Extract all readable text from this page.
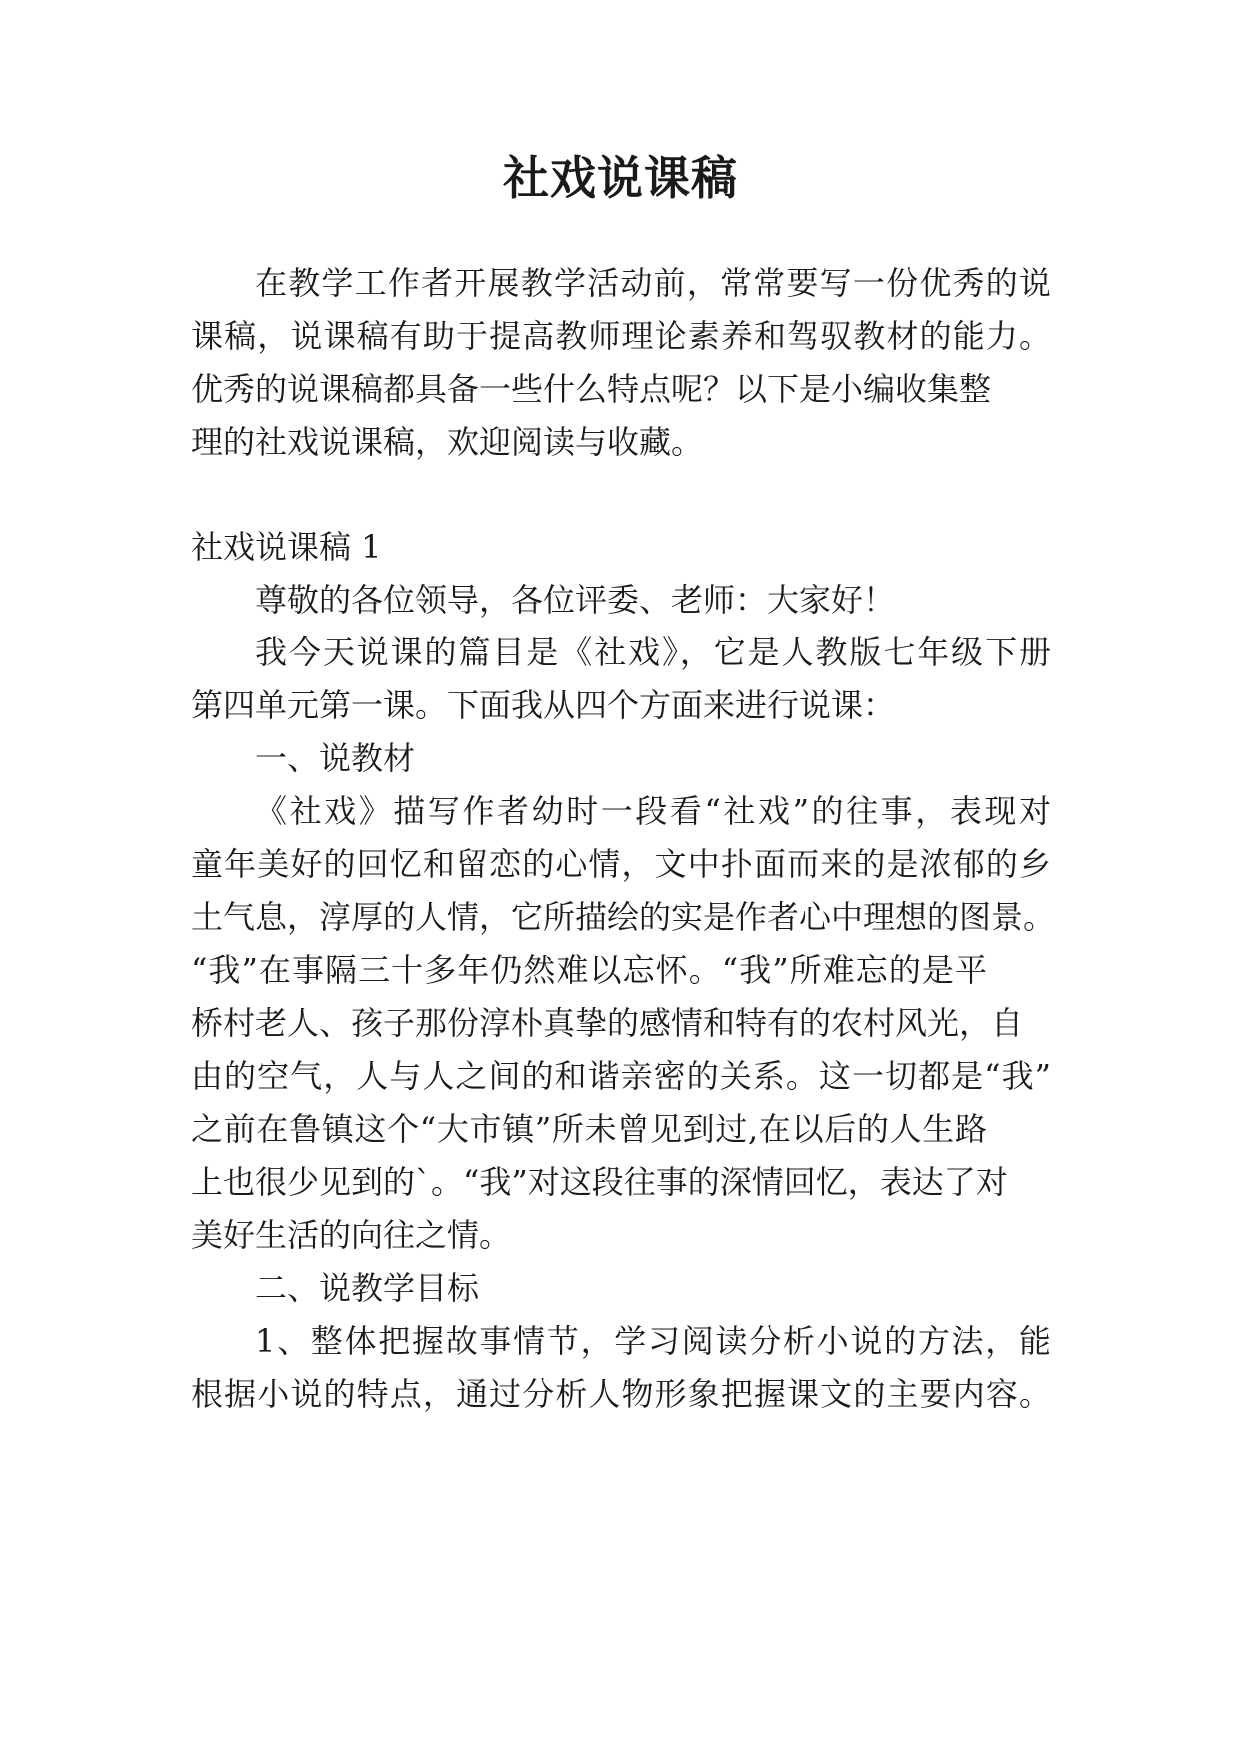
社戏说课稿
在教学工作者开展教学活动前，常常要写一份优秀的说
课稿，说课稿有助于提高教师理论素养和驾驭教材的能力。
优秀的说课稿都具备一些什么特点呢？以下是小编收集整
理的社戏说课稿，欢迎阅读与收藏。
社戏说课稿 1
尊敬的各位领导，各位评委、老师：大家好！
我今天说课的篇目是《社戏》，它是人教版七年级下册
第四单元第一课。下面我从四个方面来进行说课：
一、说教材
《社戏》描写作者幼时一段看“社戏”的往事，表现对
童年美好的回忆和留恋的心情，文中扑面而来的是浓郁的乡
土气息，淳厚的人情，它所描绘的实是作者心中理想的图景。
“我”在事隔三十多年仍然难以忘怀。“我”所难忘的是平
桥村老人、孩子那份淳朴真挚的感情和特有的农村风光，自
由的空气，人与人之间的和谐亲密的关系。这一切都是“我”
之前在鲁镇这个“大市镇”所未曾见到过,在以后的人生路
上也很少见到的`。“我”对这段往事的深情回忆，表达了对
美好生活的向往之情。
二、说教学目标
1、整体把握故事情节，学习阅读分析小说的方法，能
根据小说的特点，通过分析人物形象把握课文的主要内容。
